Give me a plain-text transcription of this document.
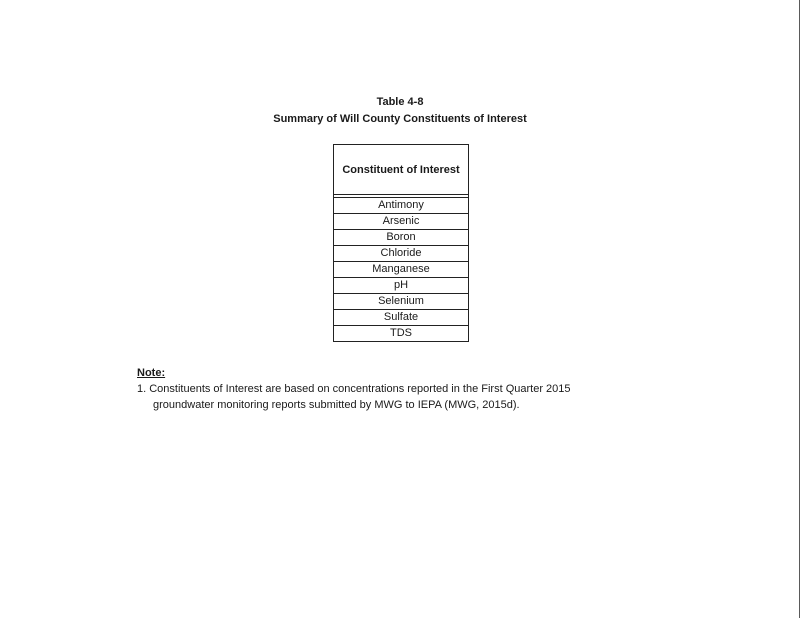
Table 4-8
Summary of Will County Constituents of Interest
Constituent of Interest

Antimony
Arsenic
Boron
Chloride
Manganese
pH
Selenium
Sulfate
TDS
Note:
1. Constituents of Interest are based on concentrations reported in the First Quarter 2015
groundwater monitoring reports submitted by MWG to IEPA (MWG, 2015d).
